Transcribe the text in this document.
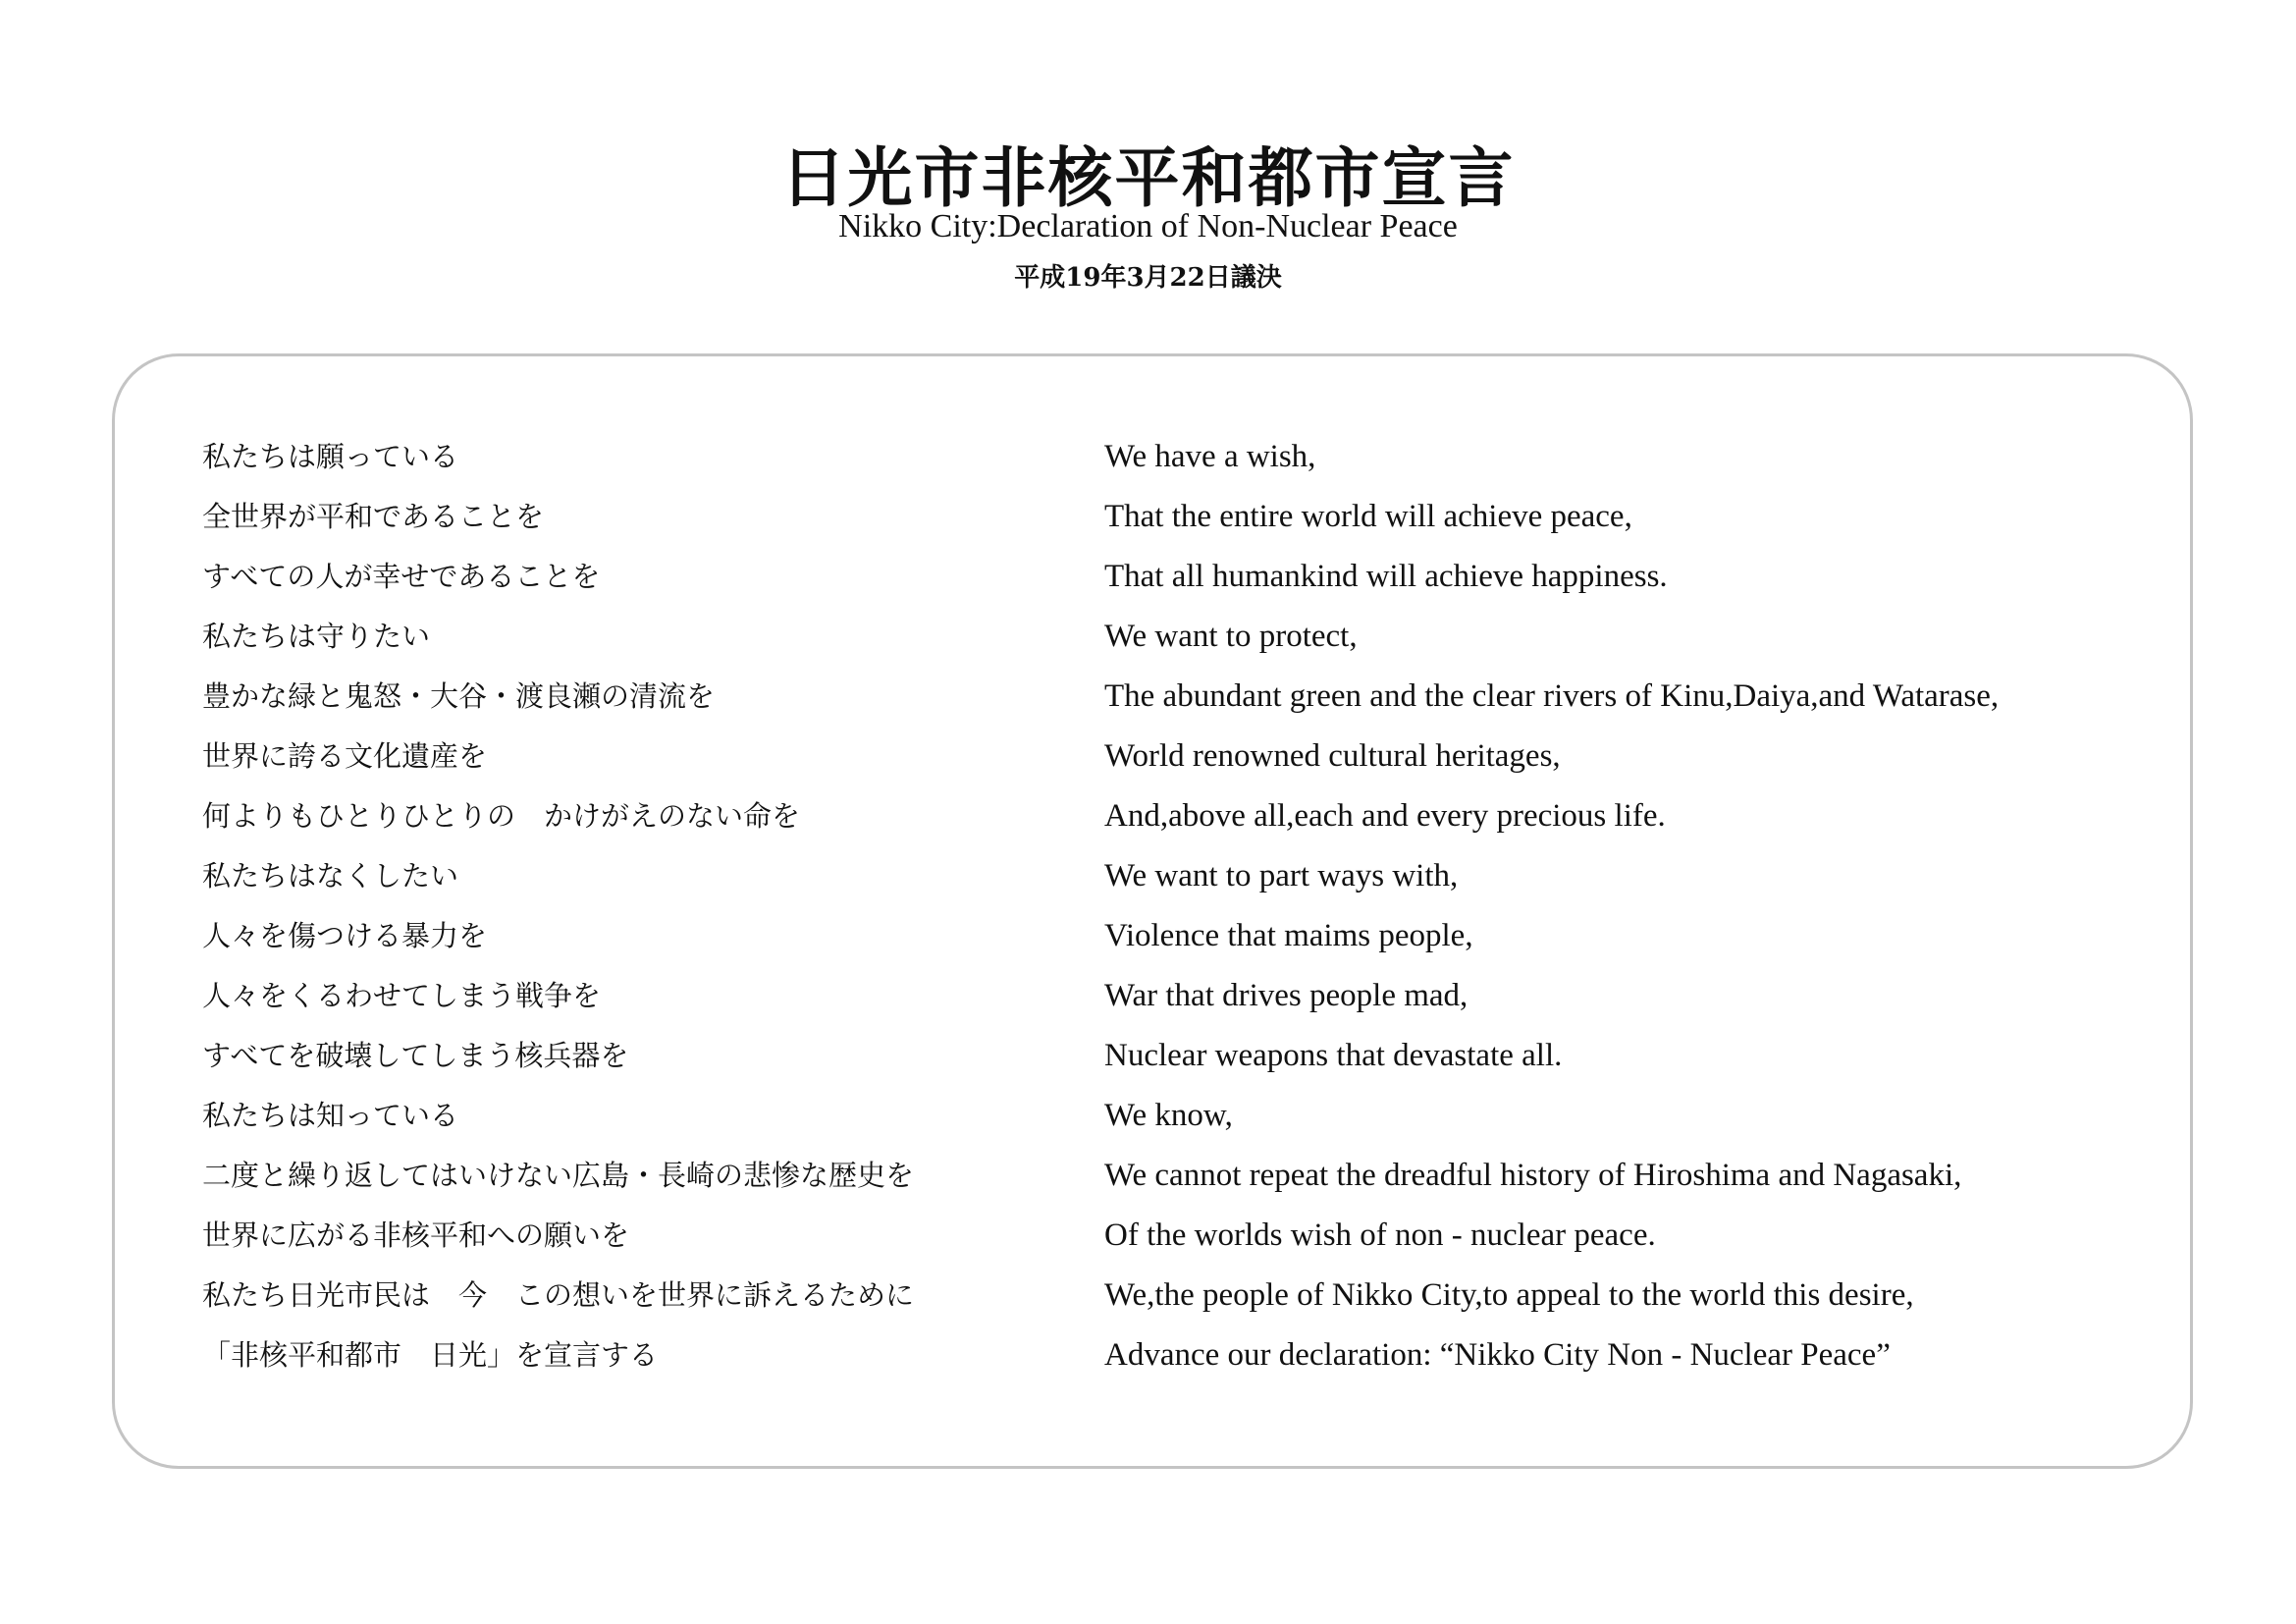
日光市非核平和都市宣言
Nikko City:Declaration of Non-Nuclear Peace
平成19年3月22日議決
私たちは願っている
全世界が平和であることを
すべての人が幸せであることを
私たちは守りたい
豊かな緑と鬼怒・大谷・渡良瀬の清流を
世界に誇る文化遺産を
何よりもひとりひとりの　かけがえのない命を
私たちはなくしたい
人々を傷つける暴力を
人々をくるわせてしまう戦争を
すべてを破壊してしまう核兵器を
私たちは知っている
二度と繰り返してはいけない広島・長崎の悲惨な歴史を
世界に広がる非核平和への願いを
私たち日光市民は　今　この想いを世界に訴えるために
「非核平和都市　日光」を宣言する
We have a wish,
That the entire world will achieve peace,
That all humankind will achieve happiness.
We want to protect,
The abundant green and the clear rivers of Kinu,Daiya,and Watarase,
World renowned cultural heritages,
And,above all,each and every precious life.
We want to part ways with,
Violence that maims people,
War that drives people mad,
Nuclear weapons that devastate all.
We know,
We cannot repeat the dreadful history of Hiroshima and Nagasaki,
Of the worlds wish of non - nuclear peace.
We,the people of Nikko City,to appeal to the world this desire,
Advance our declaration: “Nikko City Non - Nuclear Peace”
